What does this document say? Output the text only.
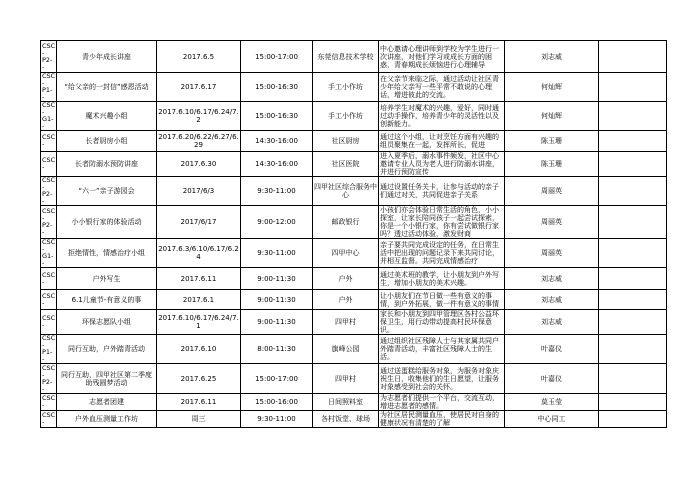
CSC
-
P2-
-	青少年成长讲座	2017.6.5	15:00-17:00	东莞信息技术学校	中心邀请心理讲师到学校为学生进行一次讲座，对他们学习或成长方面的困惑，青春期成长烦恼进行心理辅导	刘志威	

CSC
-
P1-
-	“给父亲的一封信”感恩活动	2017.6.17	15:00-16:30	手工小作坊	在父亲节来临之际，通过活动让社区青少年给父亲写一些平常不敢说的心理话，增进彼此的交流。	何灿辉	

CSC
-
G1-
-	魔术兴趣小组	2017.6.10/6.17/6.24/7.2	15:00-16:30	手工小作坊	培养学生对魔术的兴趣，爱好，同时通过动手操作，培养青少年的灵活性以及创新能力。	何灿辉	

CSC
-	长者厨房小组	2017.6.20/6.22/6.27/6.29	14:30-16:00	社区厨房	通过这个小组，让对烹饪方面有兴趣的组员聚集在一起，发挥所长，促进	陈玉珊	

CSC
-	长者防溺水预防讲座	2017.6.30	14:30-16:00	社区医院	进入夏季后，溺水事件频发，社区中心邀请专业人员为老人进行防溺水讲座，并进行预防宣传	陈玉珊	

CSC
-
P2-
-	“六一”亲子游园会	2017/6/3	9:30-11:00	四甲社区综合服务中心	通过设置任务关卡，让参与活动的亲子们通过对关，共同促进亲子关系	周丽英	

CSC
-
P2-
-	小小银行家的体验活动	2017/6/17	9:00-12:00	邮政银行	小孩们亦会体验日常生活的角色，小小探室，让家长陪同孩子一起尝试探索，你是一个小银行家，你有尝试做银行家吗？透过活动体验，激发财商	周丽英	

CSC
-
G1-
-	拒绝情性，情感治疗小组	2017.6.3/6.10/6.17/6.24	9:30-11:00	四甲中心	亲子要共同完成设定的任务，在日常生活中把出现的问题记录下来共同讨论，并相互监督。共同完成情感治疗	周丽英	

CSC
-	户外写生	2017.6.11	9:00-11:30	户外	通过美术班的教学，让小朋友到户外写生，增加小朋友的美术兴趣。	刘志威	

CSC
-	6.1儿童节-有意义的事	2017.6.1	9:00-11:30	户外	让小朋友们在节日做一些有意义的事情，到户外拓展，做一件有意义的事情	刘志威	

CSC
-	环保志愿队小组	2017.6.10/6.17/6.24/7.1	9:00-11:30	四甲村	家长和小朋友到四甲管理区各村公益环保卫生，用行动带动提高村民环保意识。	刘志威	

CSC
-
P1-
-	同行互助，户外踏青活动	2017.6.10	8:00-11:30	旗峰公园	通过组织社区残障人士与其家属共同户外踏青活动，丰富社区残障人士的生活。	叶嘉仪	

CSC
-
P2-
-	同行互助，四甲社区第二季度助残圆梦活动	2017.6.25	15:00-17:00	四甲村	通过送蛋糕给服务对象，为服务对象庆祝生日，收集他们的生日愿望，让服务对象感受到社会的关怀。	叶嘉仪	

CSC
-	志愿者团建	2017.6.11	15:00-16:00	日间照料室	为志愿者们提供一个平台，交流互动，增进志愿者的感情。	莫玉莹	

CSC
-	户外血压测量工作坊	周三	9:30-11:00	各村饭堂、球场	为社区居民测量血压，使居民对自身的健康状况有清楚的了解	中心同工	
